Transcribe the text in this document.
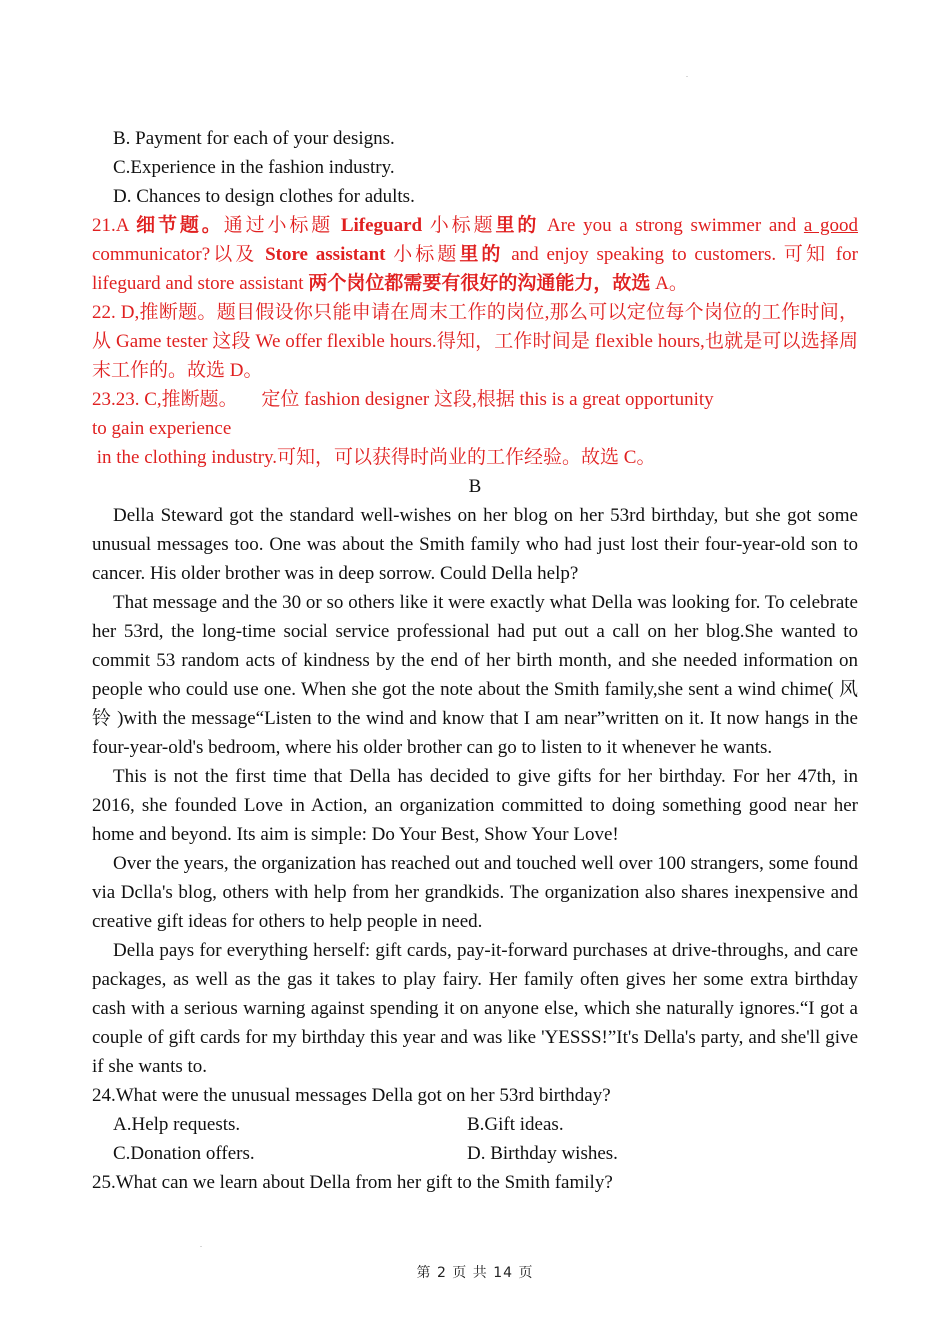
.
B. Payment for each of your designs.
C.Experience in the fashion industry.
D. Chances to design clothes for adults.

21.A 细节题。通过小标题 Lifeguard 小标题里的 Are you a strong swimmer and a good communicator?以及 Store assistant 小标题里的 and enjoy speaking to customers. 可知 for lifeguard and store assistant 两个岗位都需要有很好的沟通能力，故选 A。

22. D,推断题。题目假设你只能申请在周末工作的岗位,那么可以定位每个岗位的工作时间，从 Game tester 这段 We offer flexible hours.得知，工作时间是 flexible hours,也就是可以选择周末工作的。故选 D。

23.23. C,推断题。     定位 fashion designer 这段,根据 this is a great opportunity
to gain experience
in the clothing industry.可知，可以获得时尚业的工作经验。故选 C。
B

Della Steward got the standard well-wishes on her blog on her 53rd birthday, but she got some unusual messages too. One was about the Smith family who had just lost their four-year-old son to cancer. His older brother was in deep sorrow. Could Della help?

That message and the 30 or so others like it were exactly what Della was looking for. To celebrate her 53rd, the long-time social service professional had put out a call on her blog.She wanted to commit 53 random acts of kindness by the end of her birth month, and she needed information on people who could use one. When she got the note about the Smith family,she sent a wind chime( 风 铃 )with the message“Listen to the wind and know that I am near”written on it. It now hangs in the four-year-old's bedroom, where his older brother can go to listen to it whenever he wants.

This is not the first time that Della has decided to give gifts for her birthday. For her 47th, in 2016, she founded Love in Action, an organization committed to doing something good near her home and beyond. Its aim is simple: Do Your Best, Show Your Love!

Over the years, the organization has reached out and touched well over 100 strangers, some found via Dclla's blog, others with help from her grandkids. The organization also shares inexpensive and creative gift ideas for others to help people in need.

Della pays for everything herself: gift cards, pay-it-forward purchases at drive-throughs, and care packages, as well as the gas it takes to play fairy. Her family often gives her some extra birthday cash with a serious warning against spending it on anyone else, which she naturally ignores.“I got a couple of gift cards for my birthday this year and was like 'YESSS!”It's Della's party, and she'll give if she wants to.

24.What were the unusual messages Della got on her 53rd birthday?
A.Help requests.	B.Gift ideas.
C.Donation offers.	D. Birthday wishes.
25.What can we learn about Della from her gift to the Smith family?
.
第 2 页 共 14 页
